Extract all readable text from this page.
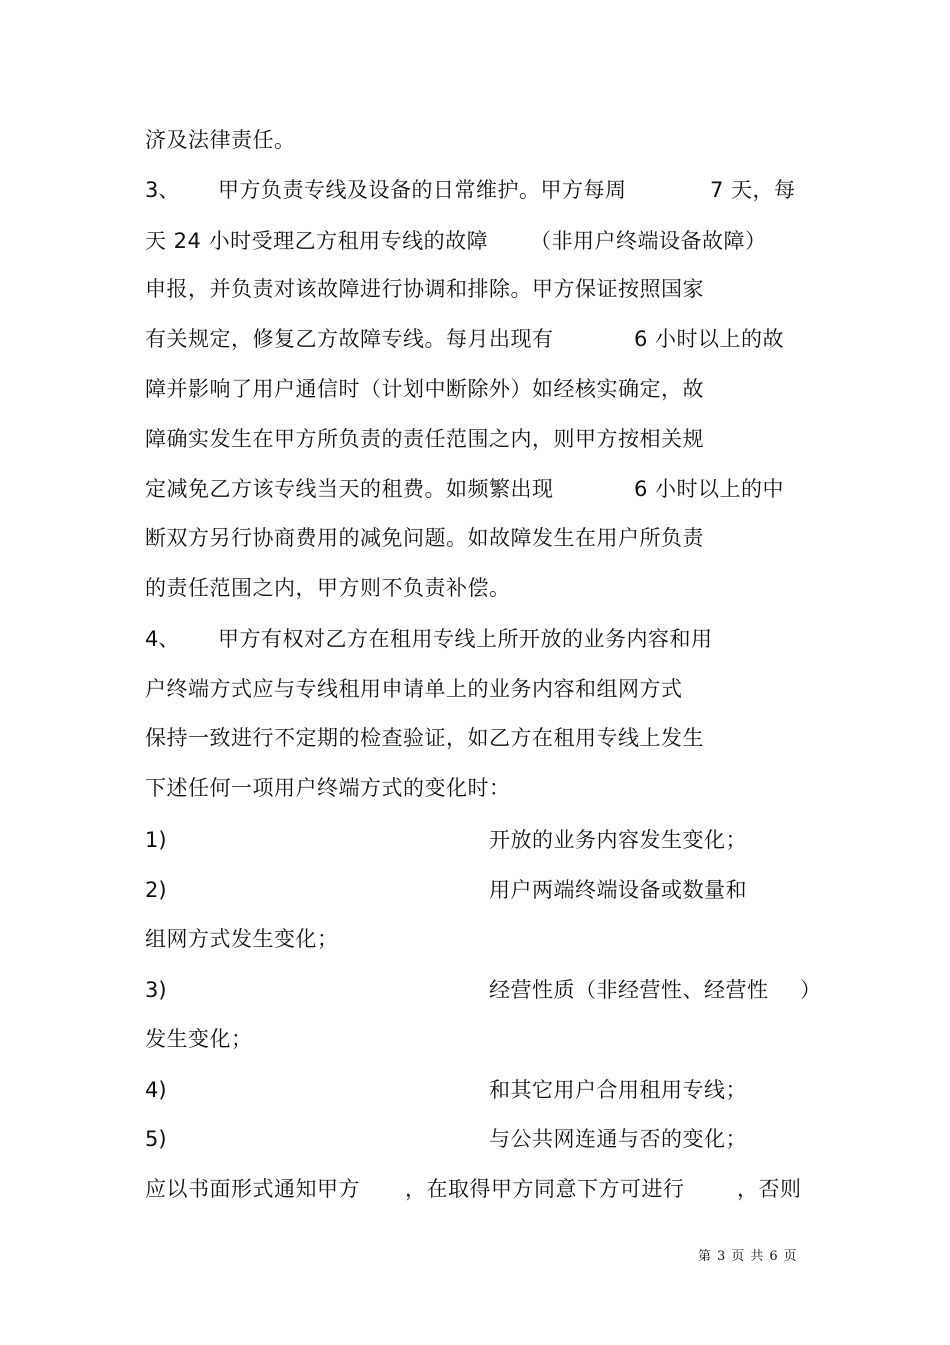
济及法律责任。
3、 甲方负责专线及设备的日常维护。甲方每周	7 天，每
天 24 小时受理乙方租用专线的故障 （非用户终端设备故障）
申报，并负责对该故障进行协调和排除。甲方保证按照国家
有关规定，修复乙方故障专线。每月出现有	6 小时以上的故
障并影响了用户通信时（计划中断除外）如经核实确定，故
障确实发生在甲方所负责的责任范围之内，则甲方按相关规
定减免乙方该专线当天的租费。如频繁出现	6 小时以上的中
断双方另行协商费用的减免问题。如故障发生在用户所负责
的责任范围之内，甲方则不负责补偿。
4、 甲方有权对乙方在租用专线上所开放的业务内容和用
户终端方式应与专线租用申请单上的业务内容和组网方式
保持一致进行不定期的检查验证，如乙方在租用专线上发生
下述任何一项用户终端方式的变化时：
1)	开放的业务内容发生变化；
2)	用户两端终端设备或数量和
组网方式发生变化；
3)	经营性质（非经营性、经营性 ）
发生变化；
4)	和其它用户合用租用专线；
5)	与公共网连通与否的变化；
应以书面形式通知甲方 ，在取得甲方同意下方可进行	，否则
第 3 页 共 6 页
